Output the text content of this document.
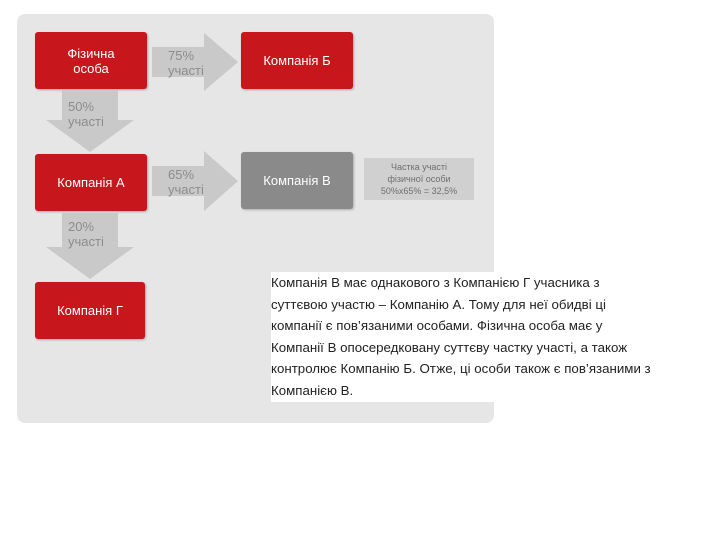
Фізична
особа	Компанія Б
Компанія А	Компанія В
Компанія Г
75%
участі
50%
участі
65%
участі
20%
участі
Частка участі
фізичної особи
50%х65% = 32,5%
Компанія В має однакового з Компанією Г учасника з суттєвою участю – Компанію А. Тому для неї обидві ці компанії є пов’язаними особами. Фізична особа має у Компанії В опосередковану суттєву частку участі, а також контролює Компанію Б. Отже, ці особи також є пов’язаними з Компанією В.
